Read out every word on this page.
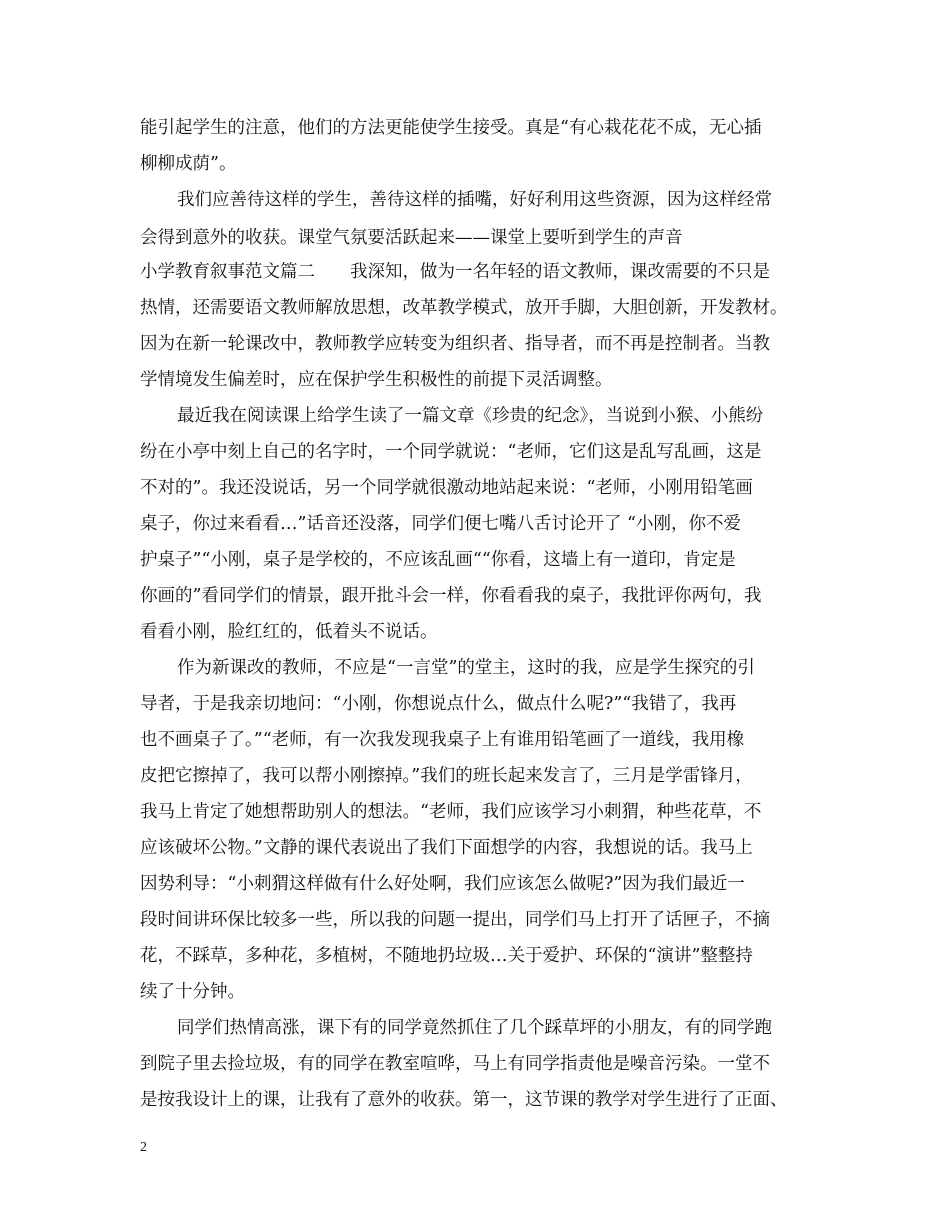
能引起学生的注意，他们的方法更能使学生接受。真是“有心栽花花不成，无心插
柳柳成荫”。
我们应善待这样的学生，善待这样的插嘴，好好利用这些资源，因为这样经常
会得到意外的收获。课堂气氛要活跃起来——课堂上要听到学生的声音
小学教育叙事范文篇二　　我深知，做为一名年轻的语文教师，课改需要的不只是
热情，还需要语文教师解放思想，改革教学模式，放开手脚，大胆创新，开发教材。
因为在新一轮课改中，教师教学应转变为组织者、指导者，而不再是控制者。当教
学情境发生偏差时，应在保护学生积极性的前提下灵活调整。
最近我在阅读课上给学生读了一篇文章《珍贵的纪念》，当说到小猴、小熊纷
纷在小亭中刻上自己的名字时，一个同学就说：“老师，它们这是乱写乱画，这是
不对的”。我还没说话，另一个同学就很激动地站起来说：“老师，小刚用铅笔画
桌子，你过来看看…”话音还没落，同学们便七嘴八舌讨论开了 “小刚，你不爱
护桌子”“小刚，桌子是学校的，不应该乱画““你看，这墙上有一道印，肯定是
你画的”看同学们的情景，跟开批斗会一样，你看看我的桌子，我批评你两句，我
看看小刚，脸红红的，低着头不说话。
作为新课改的教师，不应是“一言堂”的堂主，这时的我，应是学生探究的引
导者，于是我亲切地问：“小刚，你想说点什么，做点什么呢?”“我错了，我再
也不画桌子了。”“老师，有一次我发现我桌子上有谁用铅笔画了一道线，我用橡
皮把它擦掉了，我可以帮小刚擦掉。”我们的班长起来发言了，三月是学雷锋月，
我马上肯定了她想帮助别人的想法。“老师，我们应该学习小刺猬，种些花草，不
应该破坏公物。”文静的课代表说出了我们下面想学的内容，我想说的话。我马上
因势利导：“小刺猬这样做有什么好处啊，我们应该怎么做呢?”因为我们最近一
段时间讲环保比较多一些，所以我的问题一提出，同学们马上打开了话匣子，不摘
花，不踩草，多种花，多植树，不随地扔垃圾…关于爱护、环保的“演讲”整整持
续了十分钟。
同学们热情高涨，课下有的同学竟然抓住了几个踩草坪的小朋友，有的同学跑
到院子里去捡垃圾，有的同学在教室喧哗，马上有同学指责他是噪音污染。一堂不
是按我设计上的课，让我有了意外的收获。第一，这节课的教学对学生进行了正面、
2
